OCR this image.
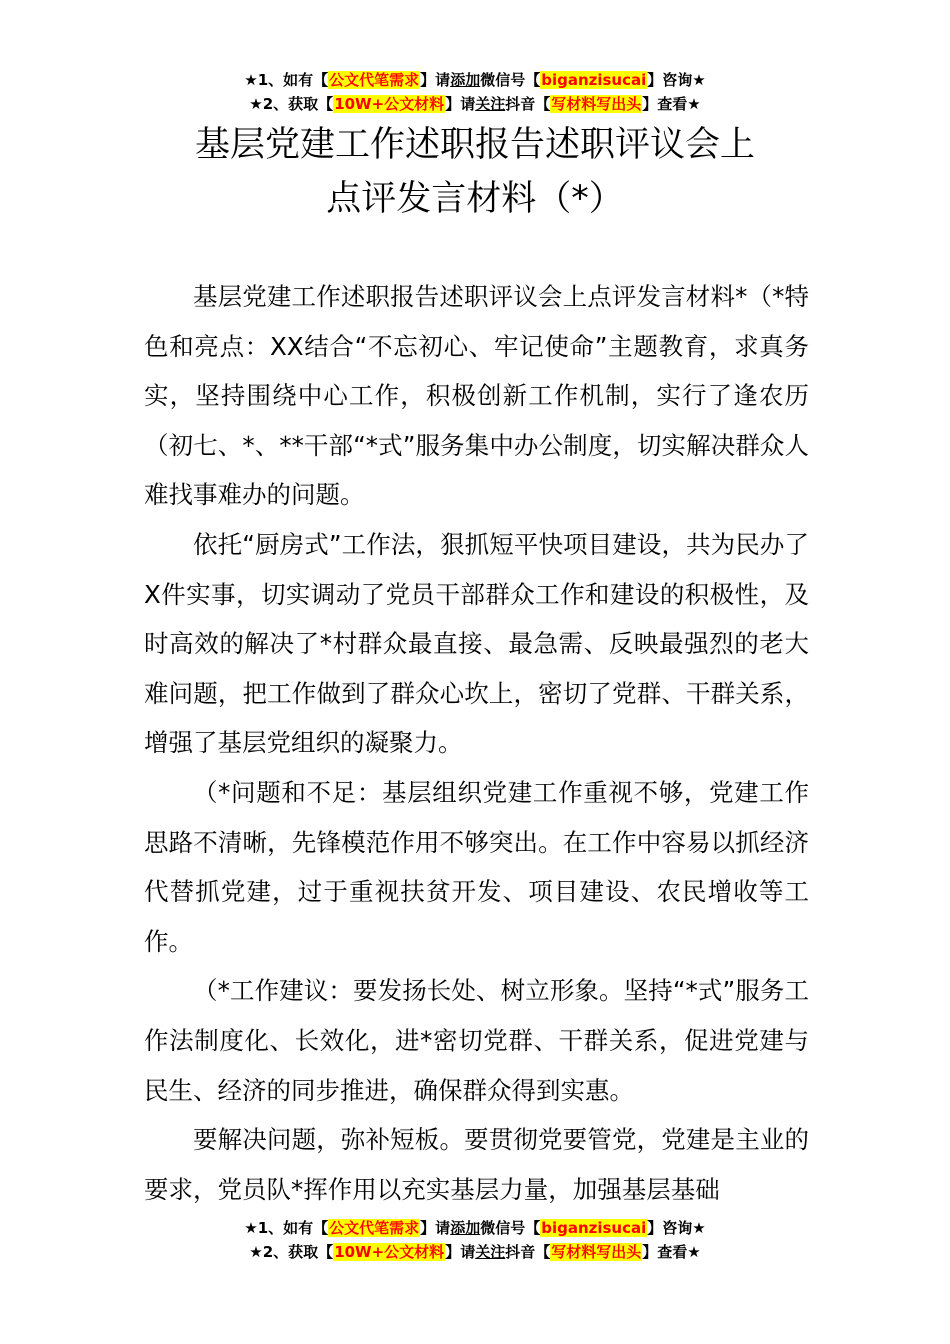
★1、如有【公文代笔需求】请添加微信号【biganzisucai】咨询★
★2、获取【10W+公文材料】请关注抖音【写材料写出头】查看★
基层党建工作述职报告述职评议会上
点评发言材料（*）

基层党建工作述职报告述职评议会上点评发言材料*（*特色和亮点：XX结合“不忘初心、牢记使命”主题教育，求真务实，坚持围绕中心工作，积极创新工作机制，实行了逢农历（初七、*、**干部“*式”服务集中办公制度，切实解决群众人难找事难办的问题。

依托“厨房式”工作法，狠抓短平快项目建设，共为民办了X件实事，切实调动了党员干部群众工作和建设的积极性，及时高效的解决了*村群众最直接、最急需、反映最强烈的老大难问题，把工作做到了群众心坎上，密切了党群、干群关系，增强了基层党组织的凝聚力。

（*问题和不足：基层组织党建工作重视不够，党建工作思路不清晰，先锋模范作用不够突出。在工作中容易以抓经济代替抓党建，过于重视扶贫开发、项目建设、农民增收等工作。

（*工作建议：要发扬长处、树立形象。坚持“*式”服务工作法制度化、长效化，进*密切党群、干群关系，促进党建与民生、经济的同步推进，确保群众得到实惠。

要解决问题，弥补短板。要贯彻党要管党，党建是主业的要求，党员队*挥作用以充实基层力量，加强基层基础

★1、如有【公文代笔需求】请添加微信号【biganzisucai】咨询★
★2、获取【10W+公文材料】请关注抖音【写材料写出头】查看★
